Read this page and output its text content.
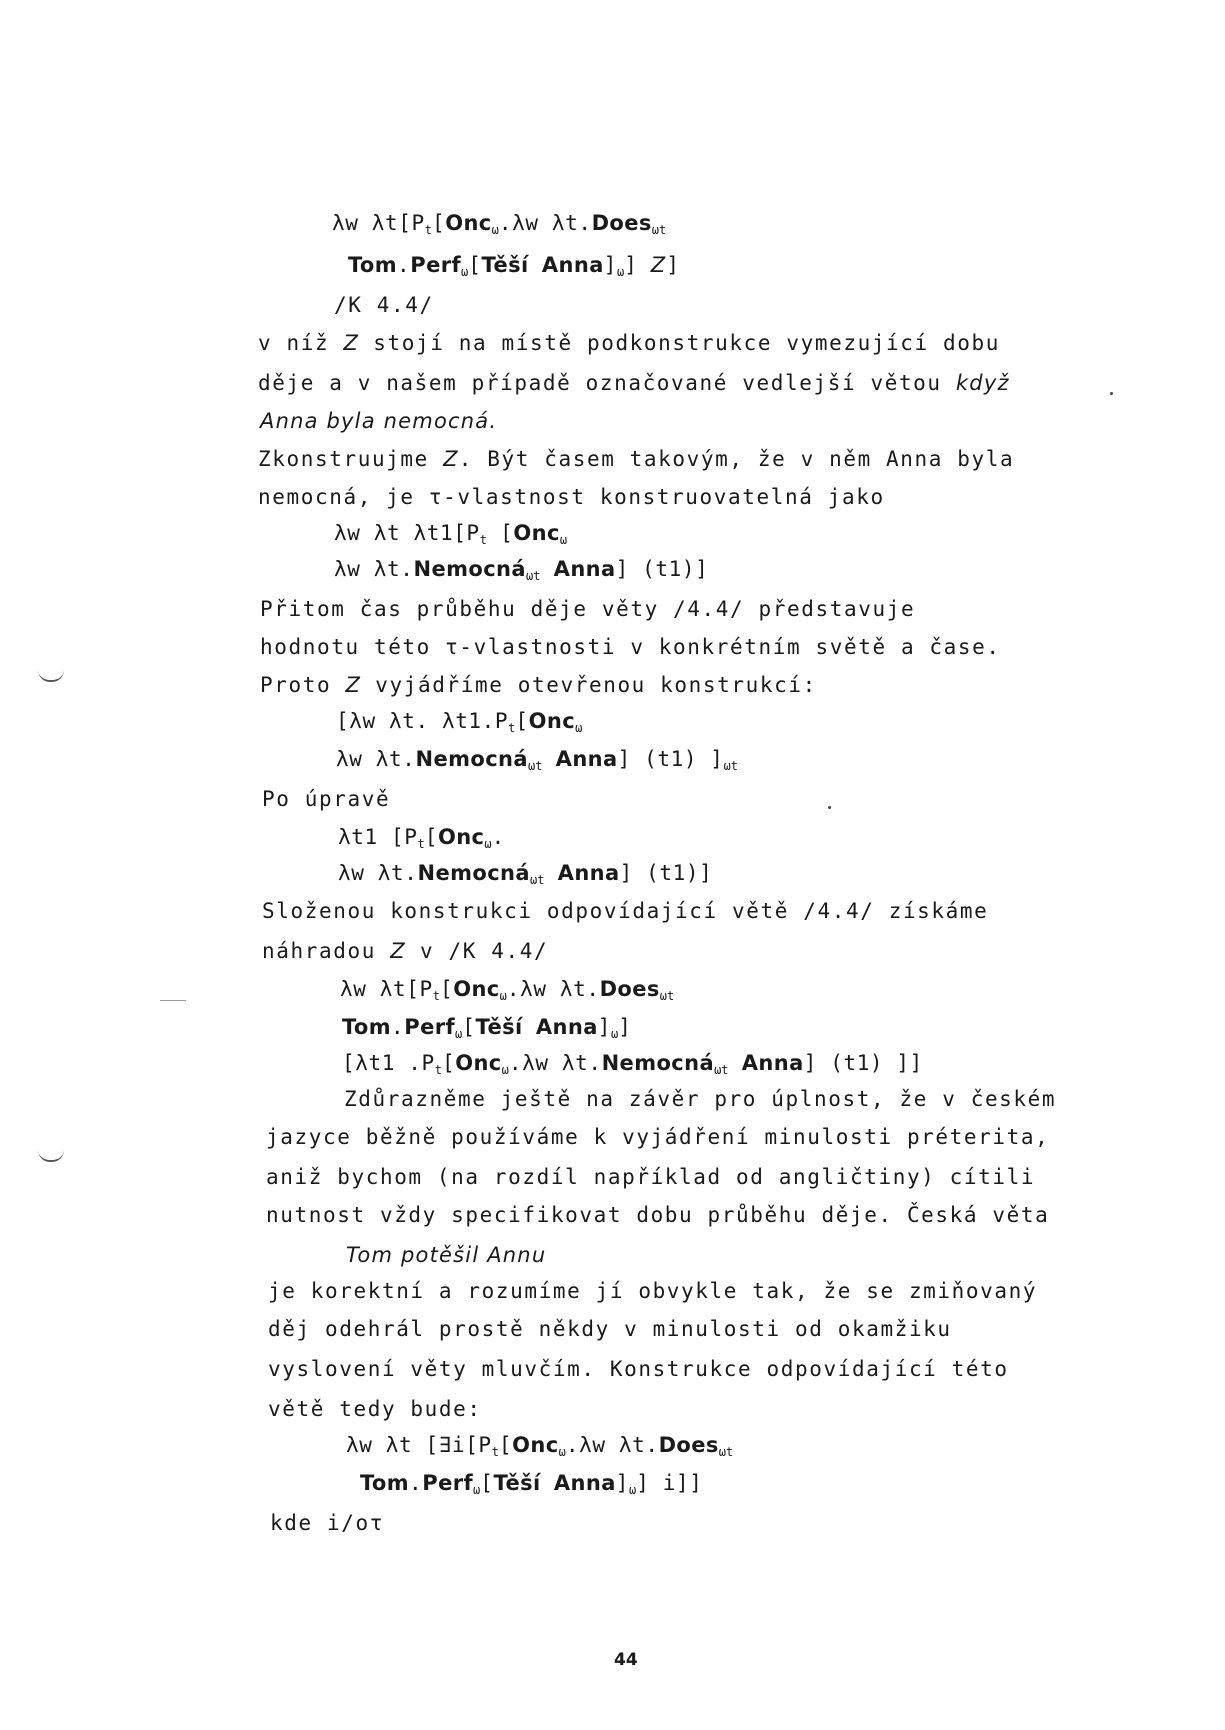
λw $\lambda t[P_t[Onc_\omega.\lambda w$ λt.Does$_{\omega t}$
Tom.Perf$_\omega$[Těší $Anna]_\omega$] Z]
/K 4.4/
v níž Z stojí na místě podkonstrukce vymezující dobu
děje a v našem případě označované vedlejší větou když
Anna byla nemocná.
Zkonstruujme Z. Být časem takovým, že v něm Anna byla
nemocná, je τ-vlastnost konstruovatelná jako
λw λt $\lambda t1[P_t$ [Onc$_\omega$
λw λt.Nemocná$_{\omega t}$ Anna] (t1)]
Přitom čas průběhu děje věty /4.4/ představuje
hodnotu této τ-vlastnosti v konkrétním světě a čase.
Proto Z vyjádříme otevřenou konstrukcí:
[λw λt. $\lambda t1.P_t[Onc_\omega$
λw λt.Nemocná$_{\omega t}$ Anna] (t1) ]$_{\omega t}$
Po úpravě
λt1 [$P_t[Onc_\omega$.
λw λt.Nemocná$_{\omega t}$ Anna] (t1)]
Složenou konstrukci odpovídající větě /4.4/ získáme
náhradou Z v /K 4.4/
λw $\lambda t[P_t[Onc_\omega.\lambda w$ λt.Does$_{\omega t}$
Tom.Perf$_\omega$[Těší $Anna]_\omega$]
[λt1 $.P_t[Onc_\omega.\lambda w$ λt.Nemocná$_{\omega t}$ Anna] (t1) ]]
Zdůrazněme ještě na závěr pro úplnost, že v českém
jazyce běžně používáme k vyjádření minulosti préterita,
aniž bychom (na rozdíl například od angličtiny) cítili
nutnost vždy specifikovat dobu průběhu děje. Česká věta
Tom potěšil Annu
je korektní a rozumíme jí obvykle tak, že se zmiňovaný
děj odehrál prostě někdy v minulosti od okamžiku
vyslovení věty mluvčím. Konstrukce odpovídající této
větě tedy bude:
λw λt [$\exists i[P_t[Onc_\omega.\lambda w$ λt.Does$_{\omega t}$
Tom.Perf$_\omega$[Těší $Anna]_\omega$] i]]
kde i/oτ
44
